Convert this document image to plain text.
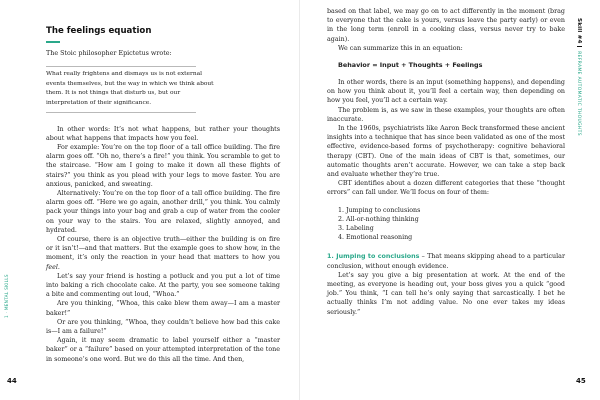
The feelings equation

The Stoic philosopher Epictetus wrote:

What really frightens and dismays us is not external events themselves, but the way in which we think about them. It is not things that disturb us, but our interpretation of their significance.

In other words: It’s not what happens, but rather your thoughts about what happens that impacts how you feel.

For example: You’re on the top floor of a tall office building. The fire alarm goes off. “Oh no, there’s a fire!” you think. You scramble to get to the staircase. “How am I going to make it down all these flights of stairs?” you think as you plead with your legs to move faster. You are anxious, panicked, and sweating.

Alternatively: You’re on the top floor of a tall office building. The fire alarm goes off. “Here we go again, another drill,” you think. You calmly pack your things into your bag and grab a cup of water from the cooler on your way to the stairs. You are relaxed, slightly annoyed, and hydrated.

Of course, there is an objective truth—either the building is on fire or it isn’t!—and that matters. But the example goes to show how, in the moment, it’s only the reaction in your head that matters to how you feel.

Let’s say your friend is hosting a potluck and you put a lot of time into baking a rich chocolate cake. At the party, you see someone taking a bite and commenting out loud, “Whoa.”

Are you thinking, “Whoa, this cake blew them away—I am a master baker!”

Or are you thinking, “Whoa, they couldn’t believe how bad this cake is—I am a failure!”

Again, it may seem dramatic to label yourself either a “master baker” or a “failure” based on your attempted interpretation of the tone in someone’s one word. But we do this all the time. And then,

based on that label, we may go on to act differently in the moment (brag to everyone that the cake is yours, versus leave the party early) or even in the long term (enroll in a cooking class, versus never try to bake again).

We can summarize this in an equation:

Behavior = Input + Thoughts + Feelings

In other words, there is an input (something happens), and depending on how you think about it, you’ll feel a certain way, then depending on how you feel, you’ll act a certain way.

The problem is, as we saw in these examples, your thoughts are often inaccurate.

In the 1960s, psychiatrists like Aaron Beck transformed these ancient insights into a technique that has since been validated as one of the most effective, evidence-based forms of psychotherapy: cognitive behavioral therapy (CBT). One of the main ideas of CBT is that, sometimes, our automatic thoughts aren’t accurate. However, we can take a step back and evaluate whether they’re true.

CBT identifies about a dozen different categories that these “thought errors” can fall under. We’ll focus on four of them:

1. Jumping to conclusions
2. All-or-nothing thinking
3. Labeling
4. Emotional reasoning

1. Jumping to conclusions – That means skipping ahead to a particular conclusion, without enough evidence.

Let’s say you give a big presentation at work. At the end of the meeting, as everyone is heading out, your boss gives you a quick “good job.” You think, “I can tell he’s only saying that sarcastically. I bet he actually thinks I’m not adding value. No one ever takes my ideas seriously.”

1 · MENTAL SKILLS
44
Skill #4REFRAME AUTOMATIC THOUGHTS
45
